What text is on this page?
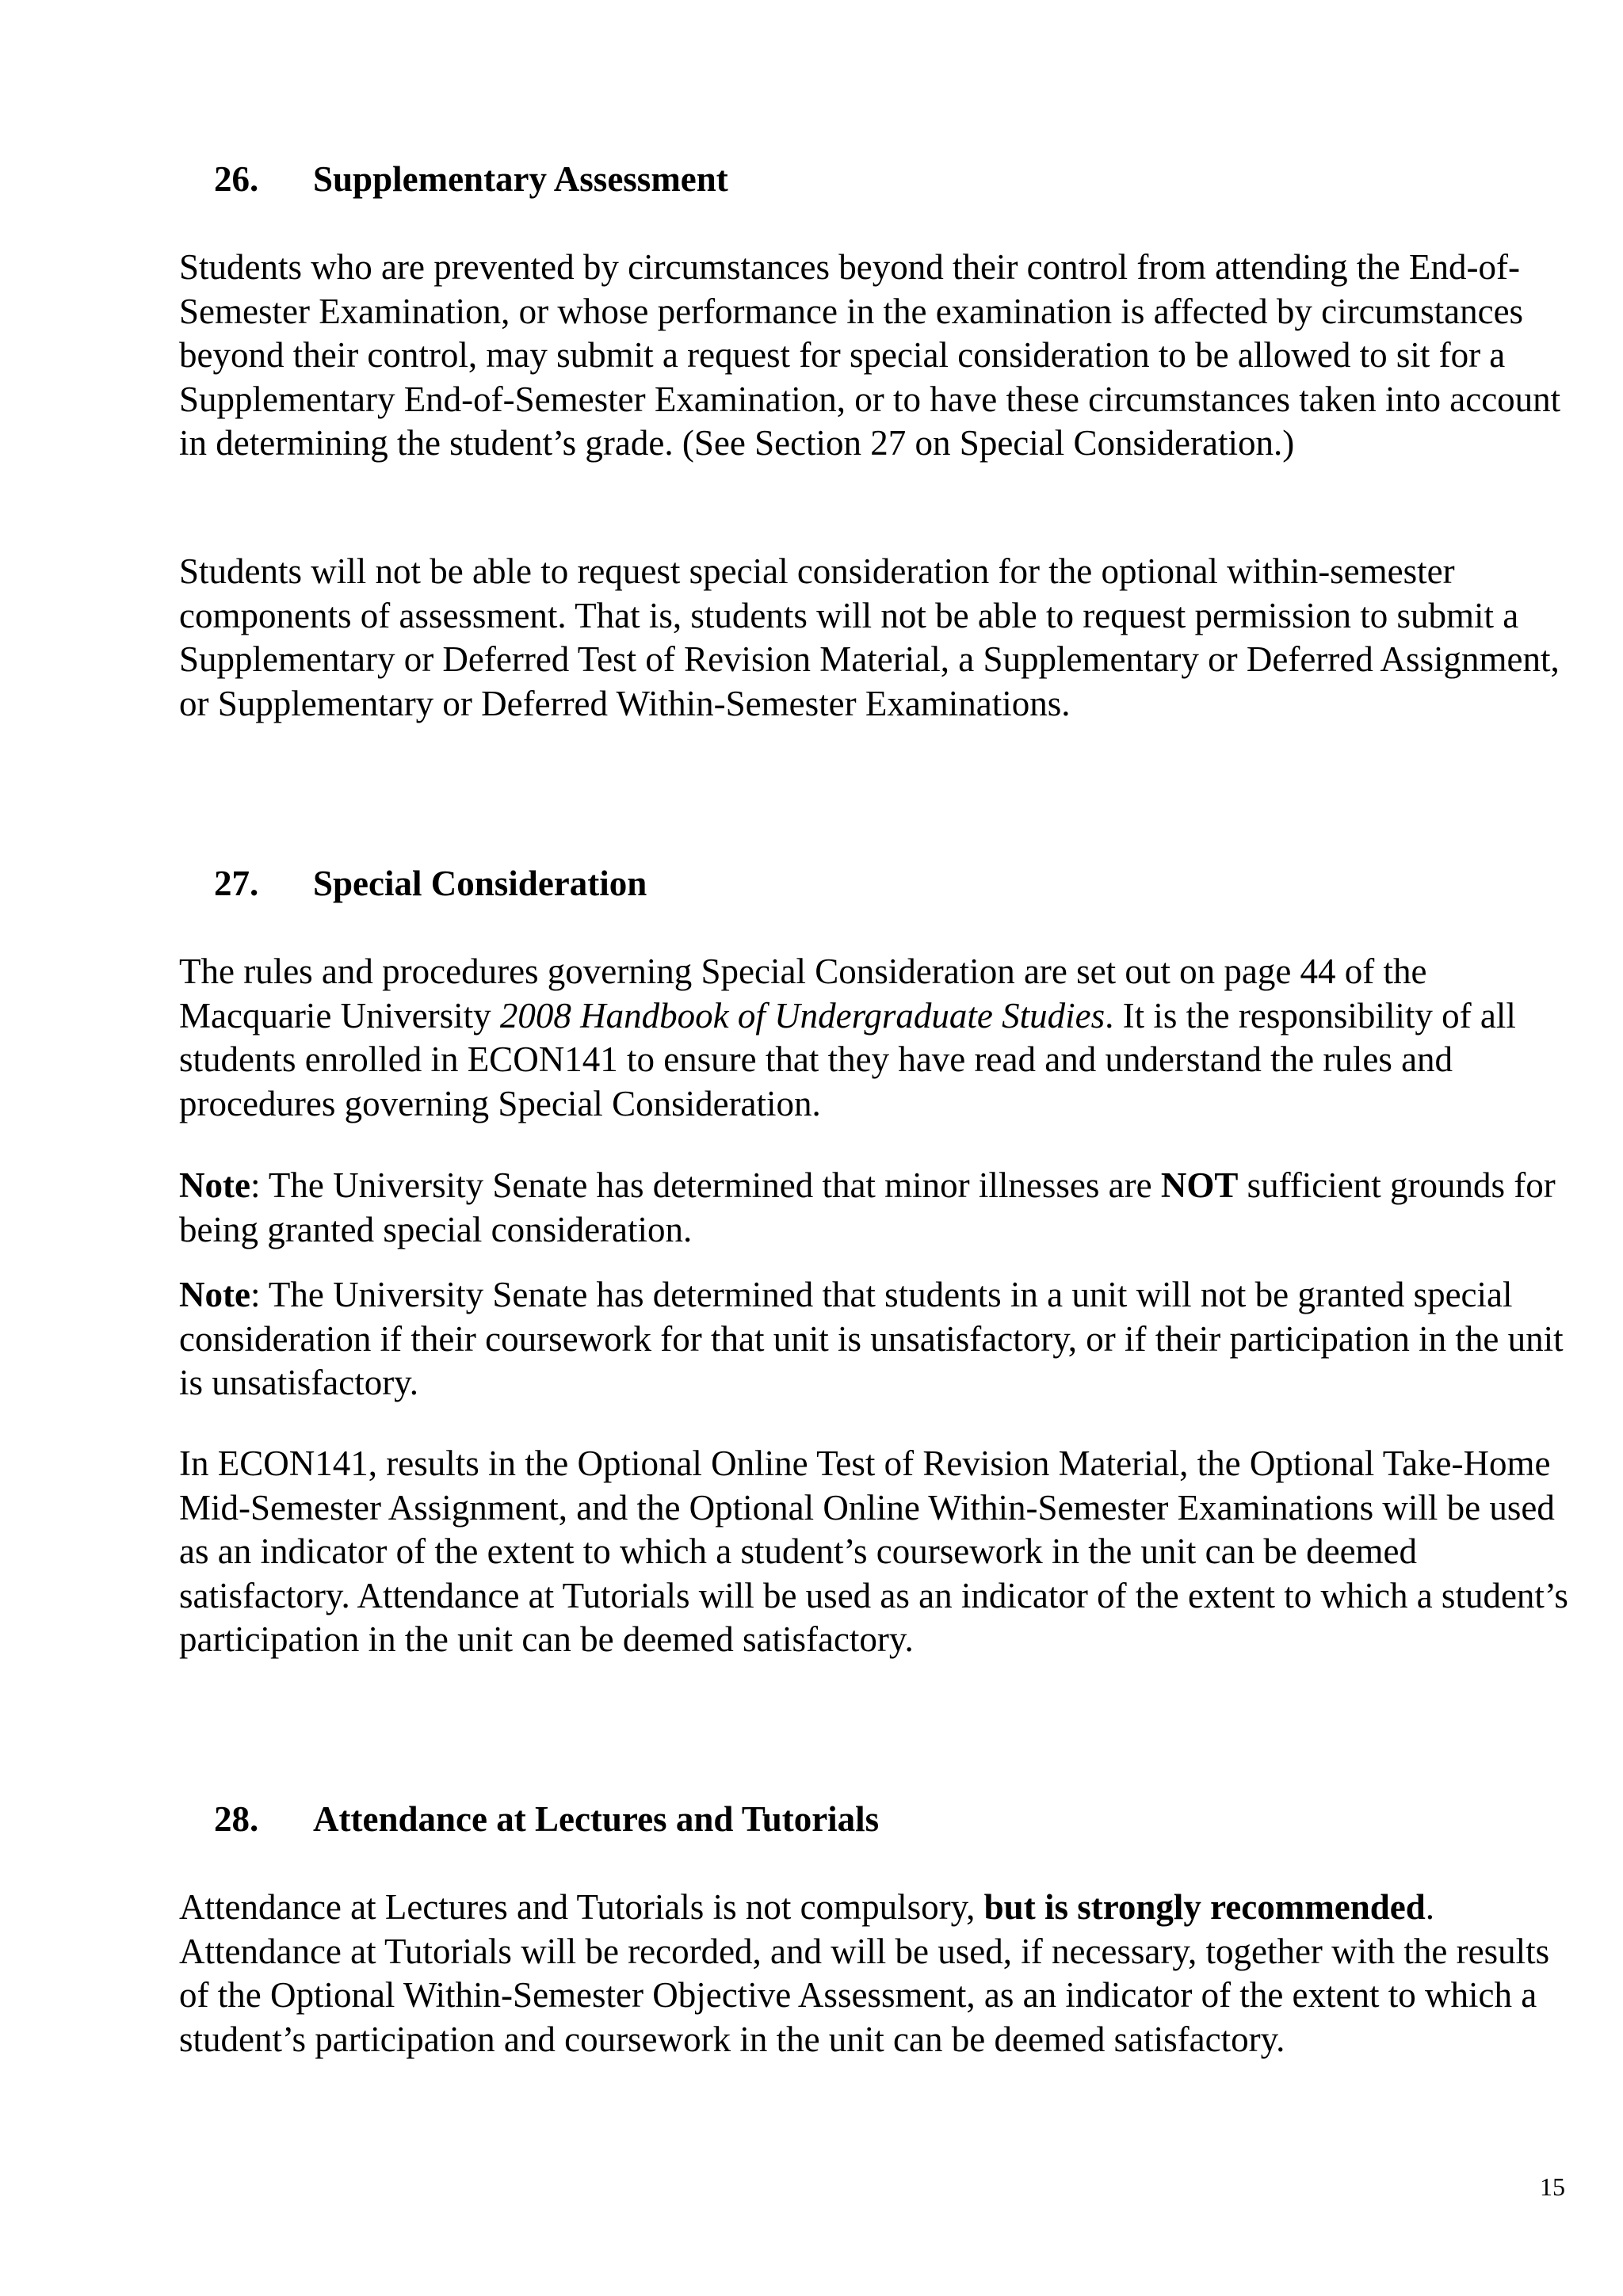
26. Supplementary Assessment

Students who are prevented by circumstances beyond their control from attending the End-of-Semester Examination, or whose performance in the examination is affected by circumstances beyond their control, may submit a request for special consideration to be allowed to sit for a Supplementary End-of-Semester Examination, or to have these circumstances taken into account in determining the student’s grade. (See Section 27 on Special Consideration.)

Students will not be able to request special consideration for the optional within-semester components of assessment. That is, students will not be able to request permission to submit a Supplementary or Deferred Test of Revision Material, a Supplementary or Deferred Assignment, or Supplementary or Deferred Within-Semester Examinations.

27. Special Consideration

The rules and procedures governing Special Consideration are set out on page 44 of the Macquarie University 2008 Handbook of Undergraduate Studies. It is the responsibility of all students enrolled in ECON141 to ensure that they have read and understand the rules and procedures governing Special Consideration.

Note: The University Senate has determined that minor illnesses are NOT sufficient grounds for being granted special consideration.

Note: The University Senate has determined that students in a unit will not be granted special consideration if their coursework for that unit is unsatisfactory, or if their participation in the unit is unsatisfactory.

In ECON141, results in the Optional Online Test of Revision Material, the Optional Take-Home Mid-Semester Assignment, and the Optional Online Within-Semester Examinations will be used as an indicator of the extent to which a student’s coursework in the unit can be deemed satisfactory. Attendance at Tutorials will be used as an indicator of the extent to which a student’s participation in the unit can be deemed satisfactory.

28. Attendance at Lectures and Tutorials

Attendance at Lectures and Tutorials is not compulsory, but is strongly recommended. Attendance at Tutorials will be recorded, and will be used, if necessary, together with the results of the Optional Within-Semester Objective Assessment, as an indicator of the extent to which a student’s participation and coursework in the unit can be deemed satisfactory.

15
